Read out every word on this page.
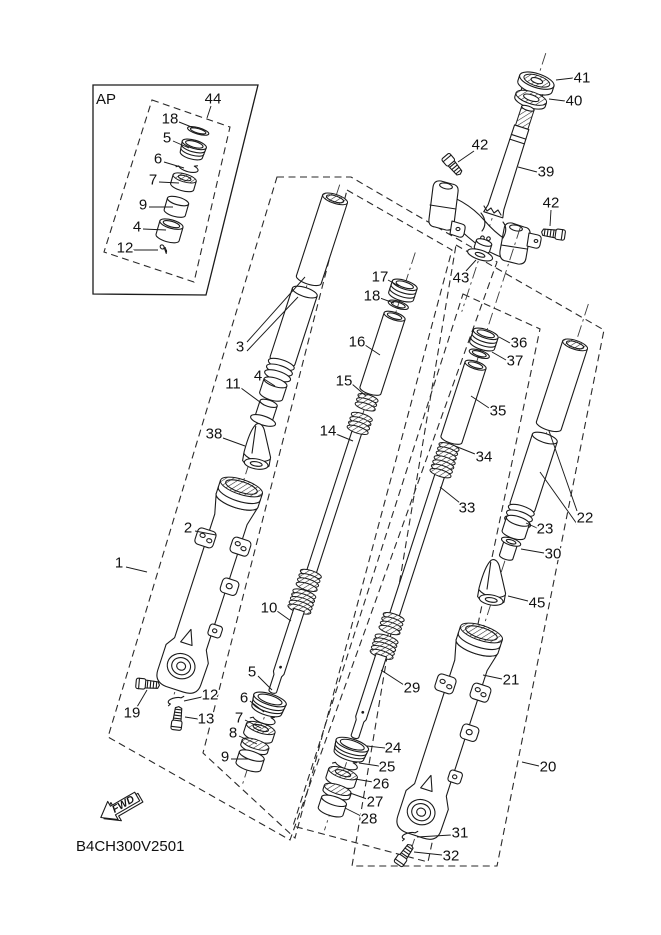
FWD
AP
B4CH300V2501
44
18
5
6
7
9
4
12
41
40
39
42
42
43
17
18
16
15
14
10
5
6
7
8
9
3
4
11
38
2
1
19
12
13
36
37
35
34
33
29
24
25
26
27
28
22
23
30
45
21
20
31
32
